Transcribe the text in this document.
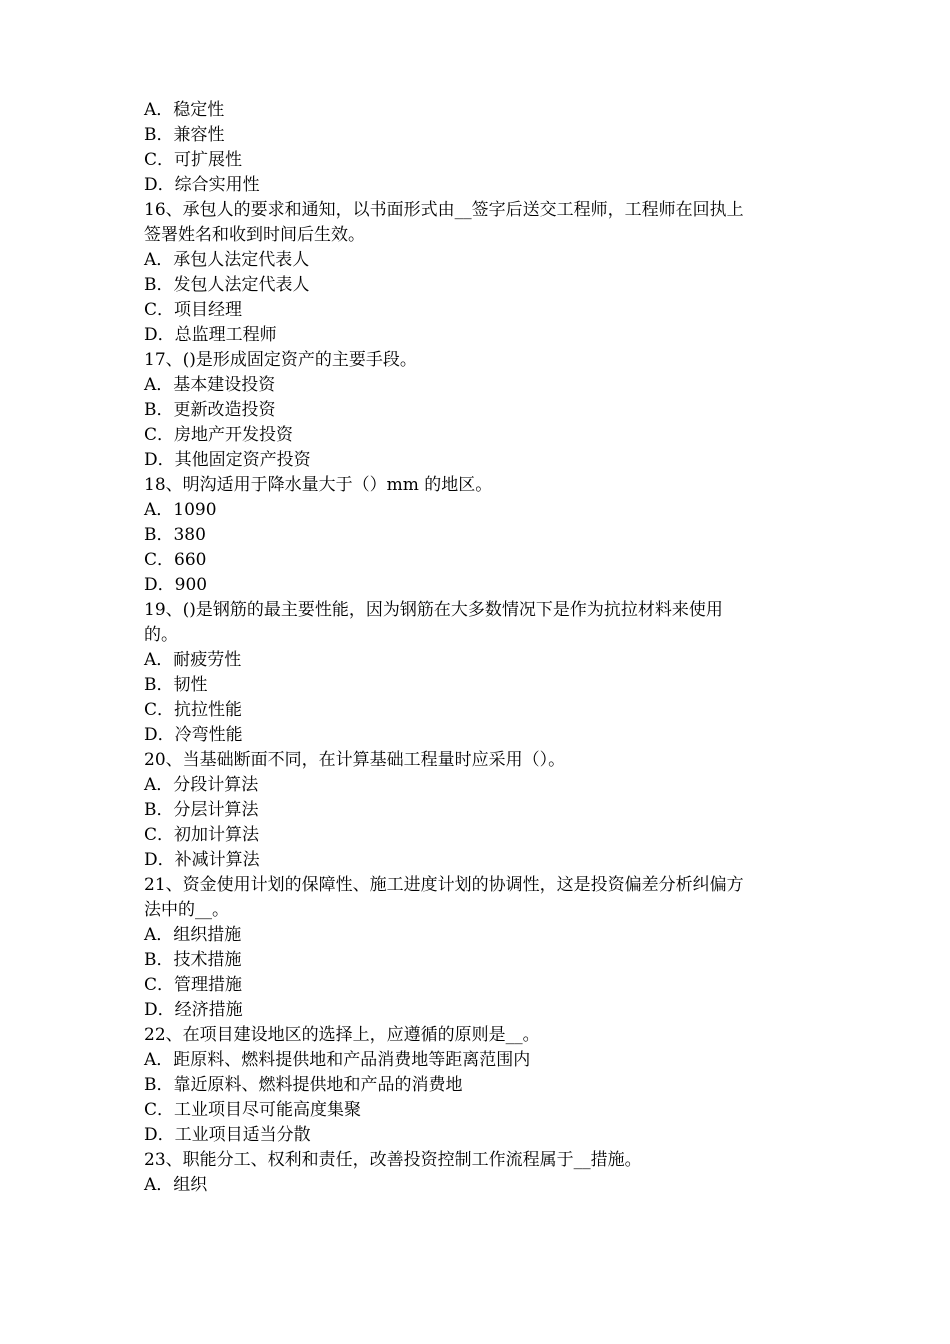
A．稳定性
B．兼容性
C．可扩展性
D．综合实用性
16、承包人的要求和通知，以书面形式由__签字后送交工程师，工程师在回执上
签署姓名和收到时间后生效。
A．承包人法定代表人
B．发包人法定代表人
C．项目经理
D．总监理工程师
17、()是形成固定资产的主要手段。
A．基本建设投资
B．更新改造投资
C．房地产开发投资
D．其他固定资产投资
18、明沟适用于降水量大于（）mm 的地区。
A．1090
B．380
C．660
D．900
19、()是钢筋的最主要性能，因为钢筋在大多数情况下是作为抗拉材料来使用
的。
A．耐疲劳性
B．韧性
C．抗拉性能
D．冷弯性能
20、当基础断面不同，在计算基础工程量时应采用（）。
A．分段计算法
B．分层计算法
C．初加计算法
D．补减计算法
21、资金使用计划的保障性、施工进度计划的协调性，这是投资偏差分析纠偏方
法中的__。
A．组织措施
B．技术措施
C．管理措施
D．经济措施
22、在项目建设地区的选择上，应遵循的原则是__。
A．距原料、燃料提供地和产品消费地等距离范围内
B．靠近原料、燃料提供地和产品的消费地
C．工业项目尽可能高度集聚
D．工业项目适当分散
23、职能分工、权利和责任，改善投资控制工作流程属于__措施。
A．组织
